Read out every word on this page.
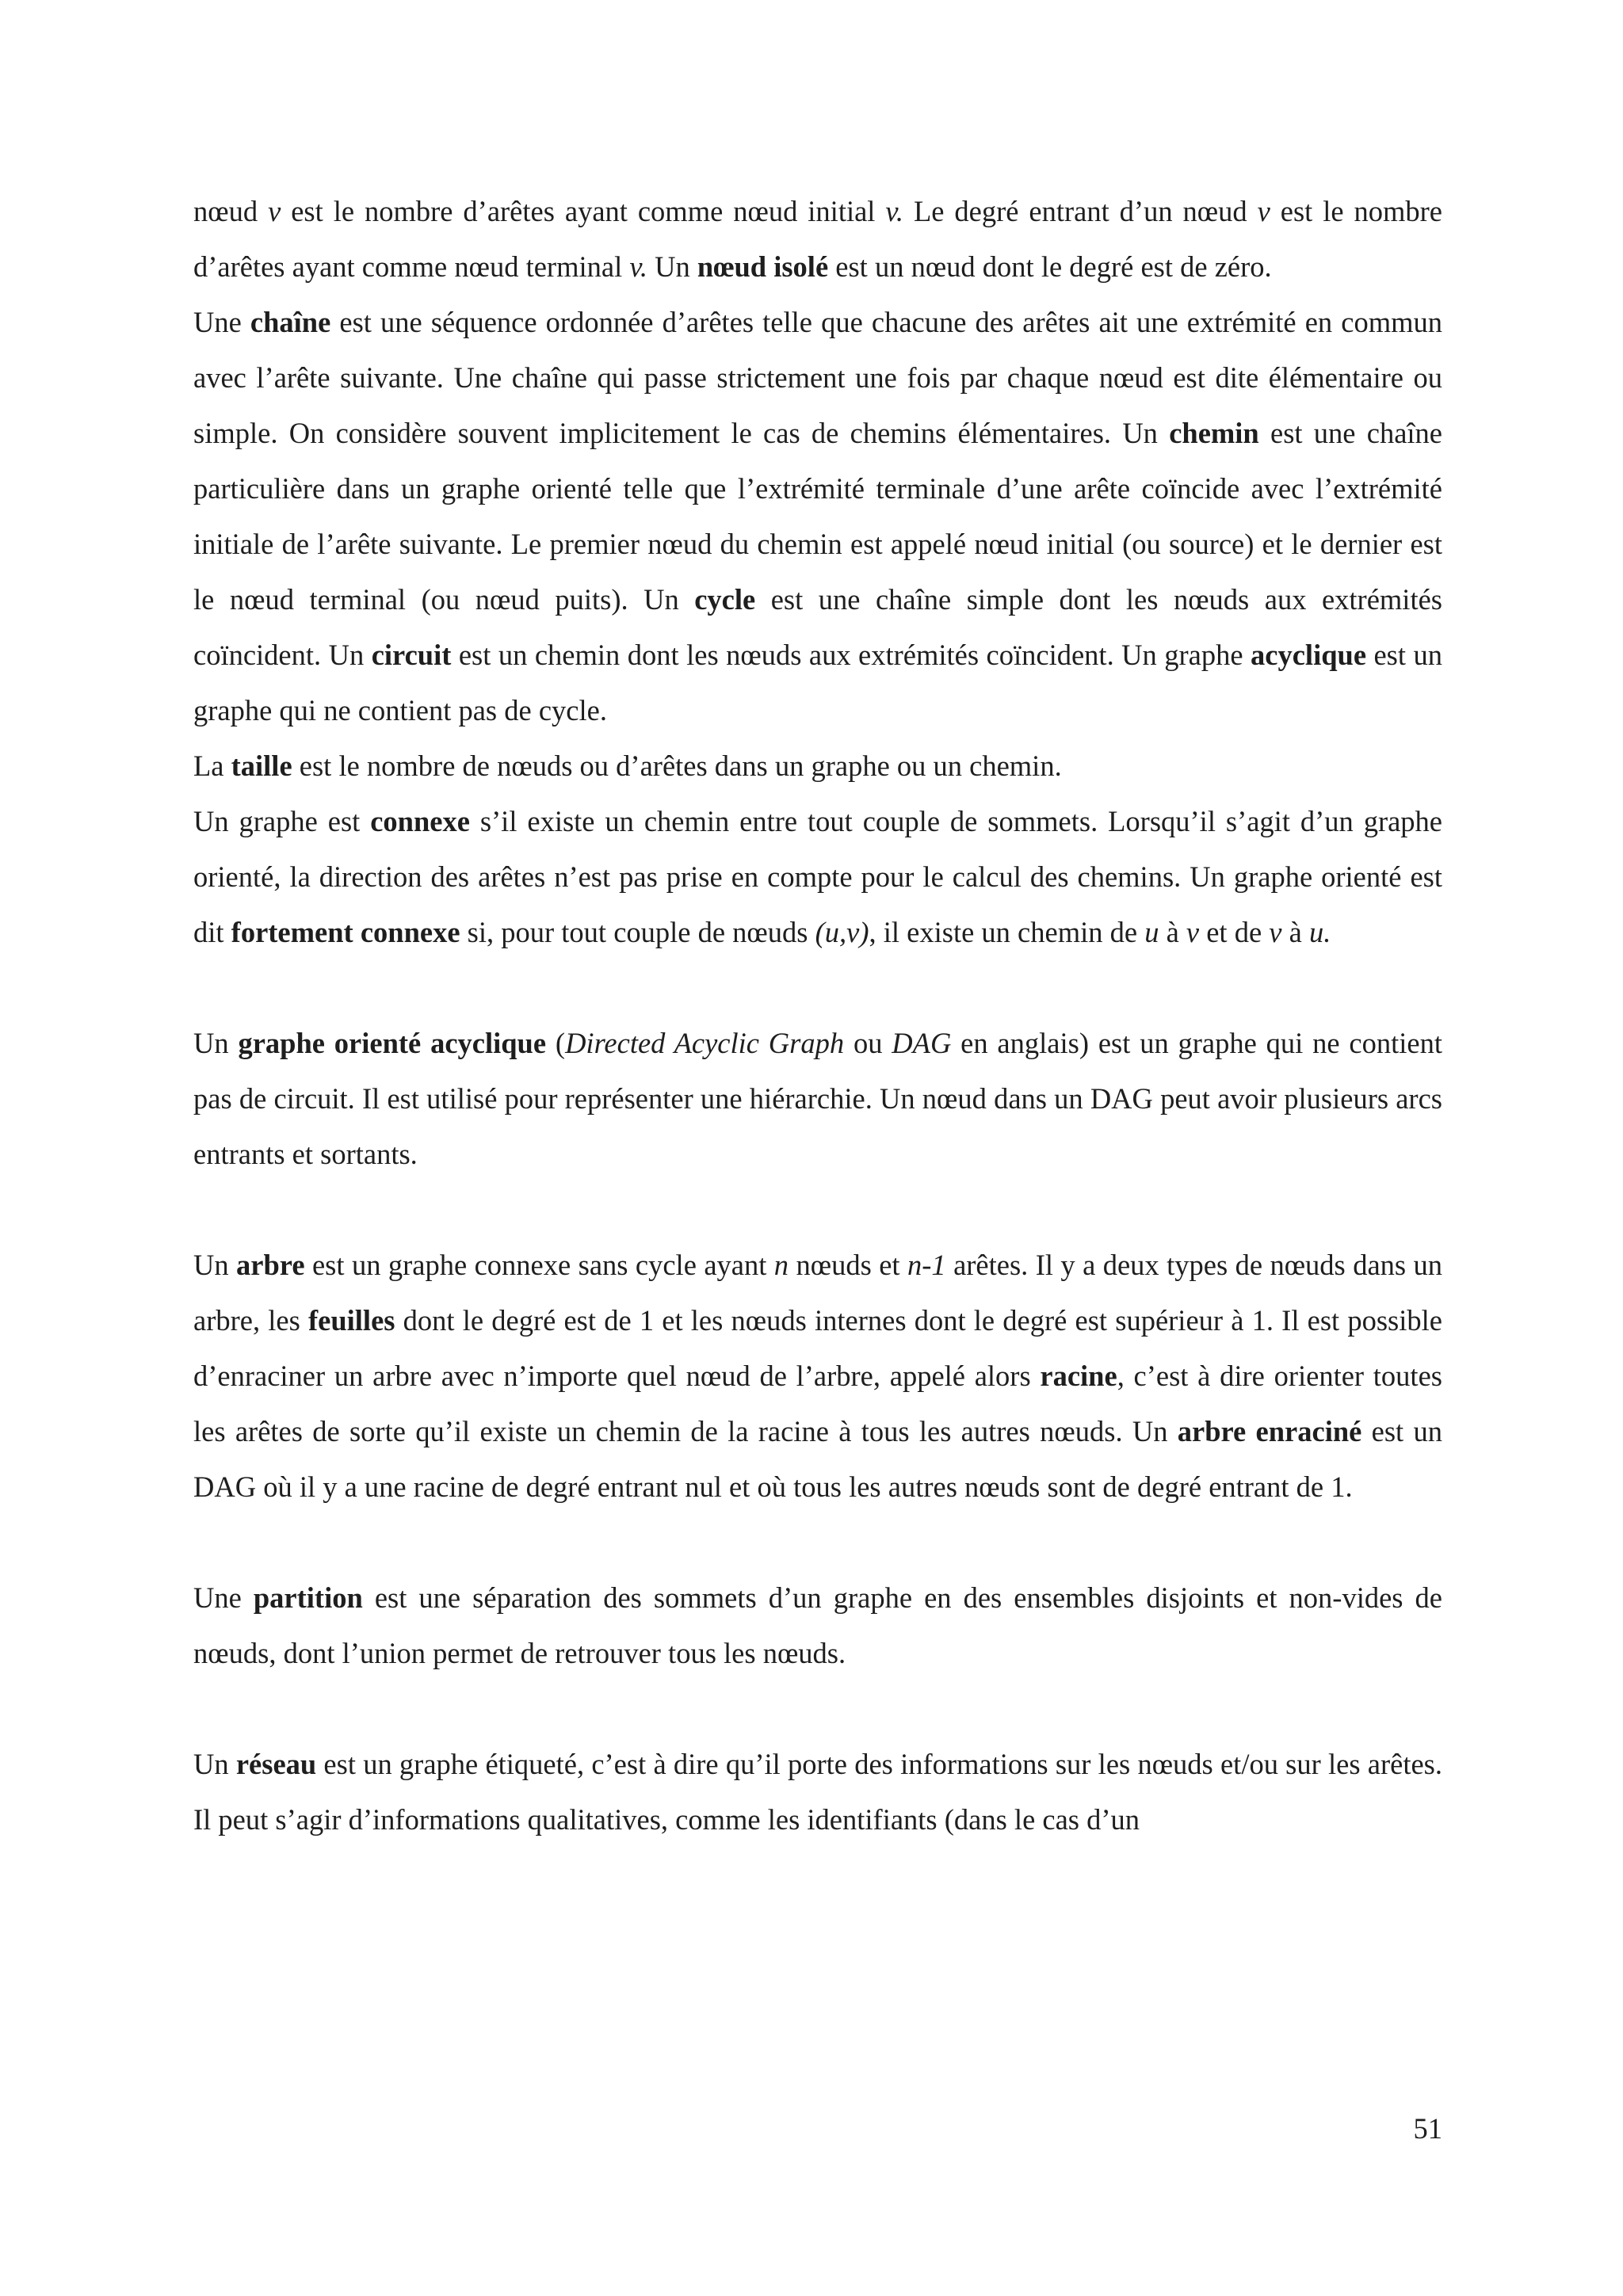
nœud v est le nombre d’arêtes ayant comme nœud initial v. Le degré entrant d’un nœud v est le nombre d’arêtes ayant comme nœud terminal v. Un nœud isolé est un nœud dont le degré est de zéro.

Une chaîne est une séquence ordonnée d’arêtes telle que chacune des arêtes ait une extrémité en commun avec l’arête suivante. Une chaîne qui passe strictement une fois par chaque nœud est dite élémentaire ou simple. On considère souvent implicitement le cas de chemins élémentaires. Un chemin est une chaîne particulière dans un graphe orienté telle que l’extrémité terminale d’une arête coïncide avec l’extrémité initiale de l’arête suivante. Le premier nœud du chemin est appelé nœud initial (ou source) et le dernier est le nœud terminal (ou nœud puits). Un cycle est une chaîne simple dont les nœuds aux extrémités coïncident. Un circuit est un chemin dont les nœuds aux extrémités coïncident. Un graphe acyclique est un graphe qui ne contient pas de cycle.

La taille est le nombre de nœuds ou d’arêtes dans un graphe ou un chemin.

Un graphe est connexe s’il existe un chemin entre tout couple de sommets. Lorsqu’il s’agit d’un graphe orienté, la direction des arêtes n’est pas prise en compte pour le calcul des chemins. Un graphe orienté est dit fortement connexe si, pour tout couple de nœuds (u,v), il existe un chemin de u à v et de v à u.

Un graphe orienté acyclique (Directed Acyclic Graph ou DAG en anglais) est un graphe qui ne contient pas de circuit. Il est utilisé pour représenter une hiérarchie. Un nœud dans un DAG peut avoir plusieurs arcs entrants et sortants.

Un arbre est un graphe connexe sans cycle ayant n nœuds et n-1 arêtes. Il y a deux types de nœuds dans un arbre, les feuilles dont le degré est de 1 et les nœuds internes dont le degré est supérieur à 1. Il est possible d’enraciner un arbre avec n’importe quel nœud de l’arbre, appelé alors racine, c’est à dire orienter toutes les arêtes de sorte qu’il existe un chemin de la racine à tous les autres nœuds. Un arbre enraciné est un DAG où il y a une racine de degré entrant nul et où tous les autres nœuds sont de degré entrant de 1.

Une partition est une séparation des sommets d’un graphe en des ensembles disjoints et non-vides de nœuds, dont l’union permet de retrouver tous les nœuds.

Un réseau est un graphe étiqueté, c’est à dire qu’il porte des informations sur les nœuds et/ou sur les arêtes. Il peut s’agir d’informations qualitatives, comme les identifiants (dans le cas d’un

51
